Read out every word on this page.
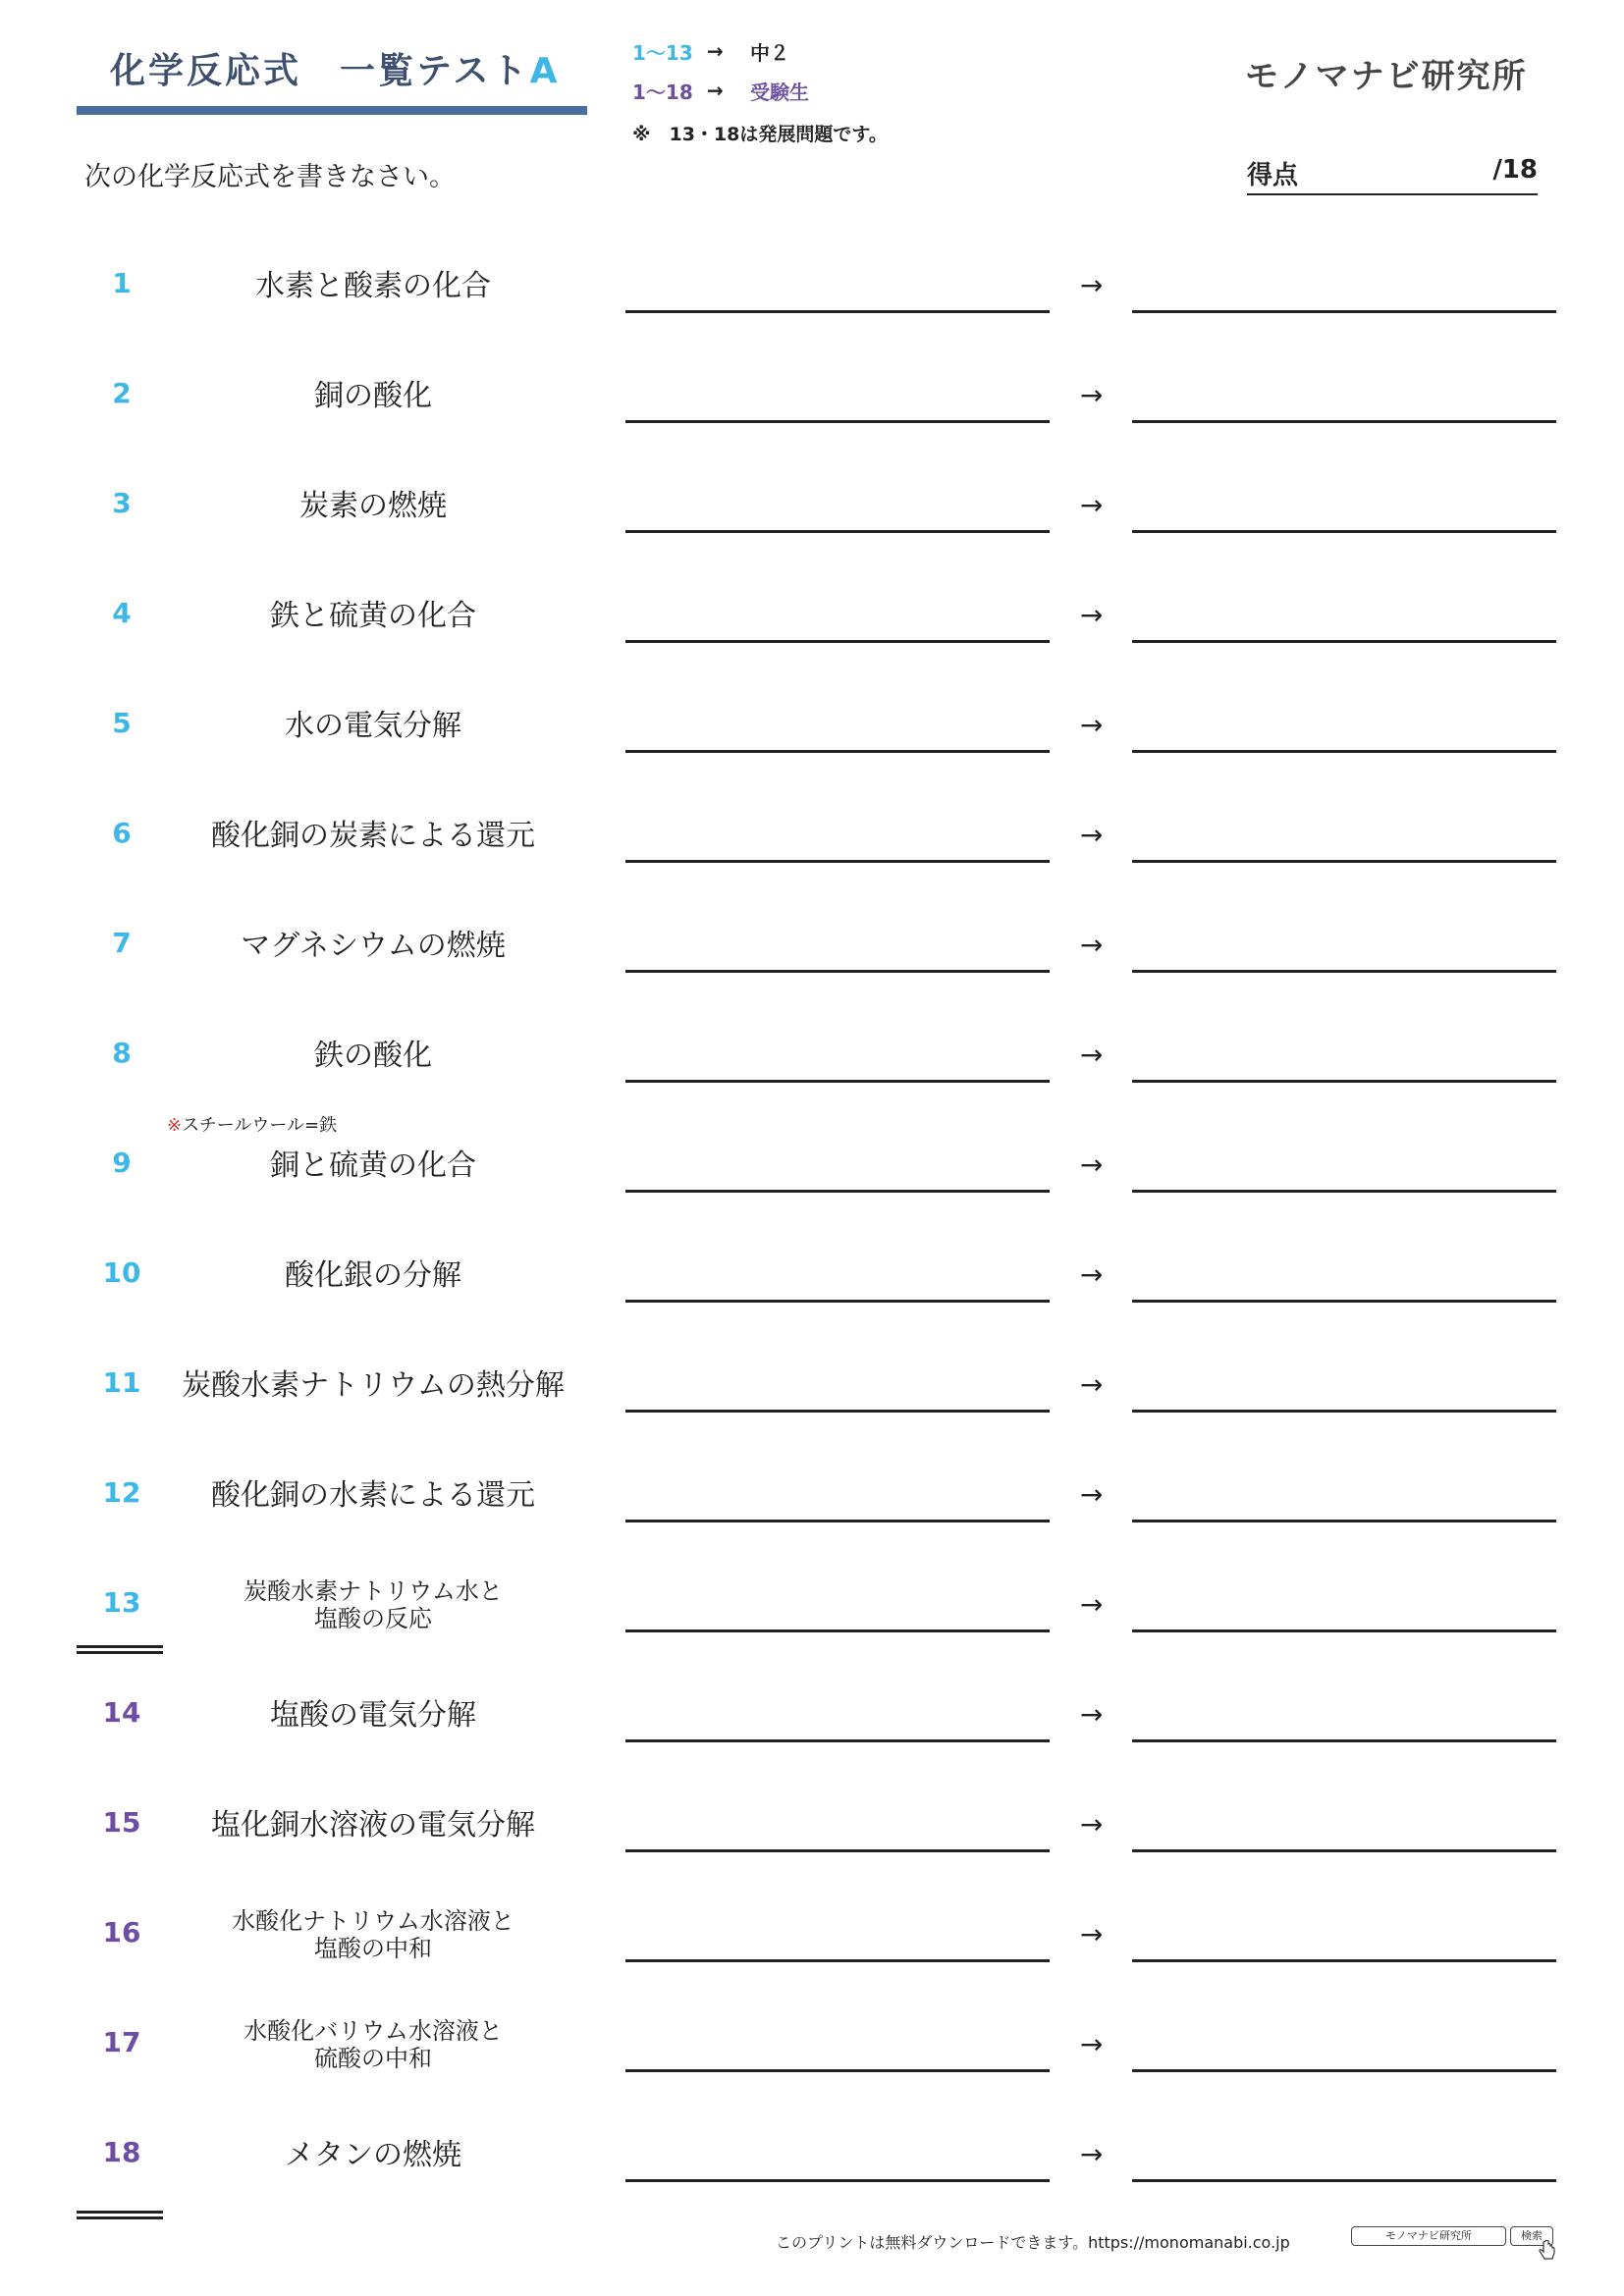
化学反応式　一覧テストA	1〜13 →	中２
1〜18 →	受験生
※　13・18は発展問題です。
モノマナビ研究所
次の化学反応式を書きなさい。	得点	/18
1	水素と酸素の化合	→
2	銅の酸化	→
3	炭素の燃焼	→
4	鉄と硫黄の化合	→
5	水の電気分解	→
6	酸化銅の炭素による還元	→
7	マグネシウムの燃焼	→
8	鉄の酸化	→
9	銅と硫黄の化合	→
10	酸化銀の分解	→
11	炭酸水素ナトリウムの熱分解	→
12	酸化銅の水素による還元	→
13	炭酸水素ナトリウム水と
塩酸の反応	→
14	塩酸の電気分解	→
15	塩化銅水溶液の電気分解	→
16	水酸化ナトリウム水溶液と
塩酸の中和	→
17	水酸化バリウム水溶液と
硫酸の中和	→
18	メタンの燃焼	→
※スチールウール=鉄
このプリントは無料ダウンロードできます。https://monomanabi.co.jp	モノマナビ研究所	検索
